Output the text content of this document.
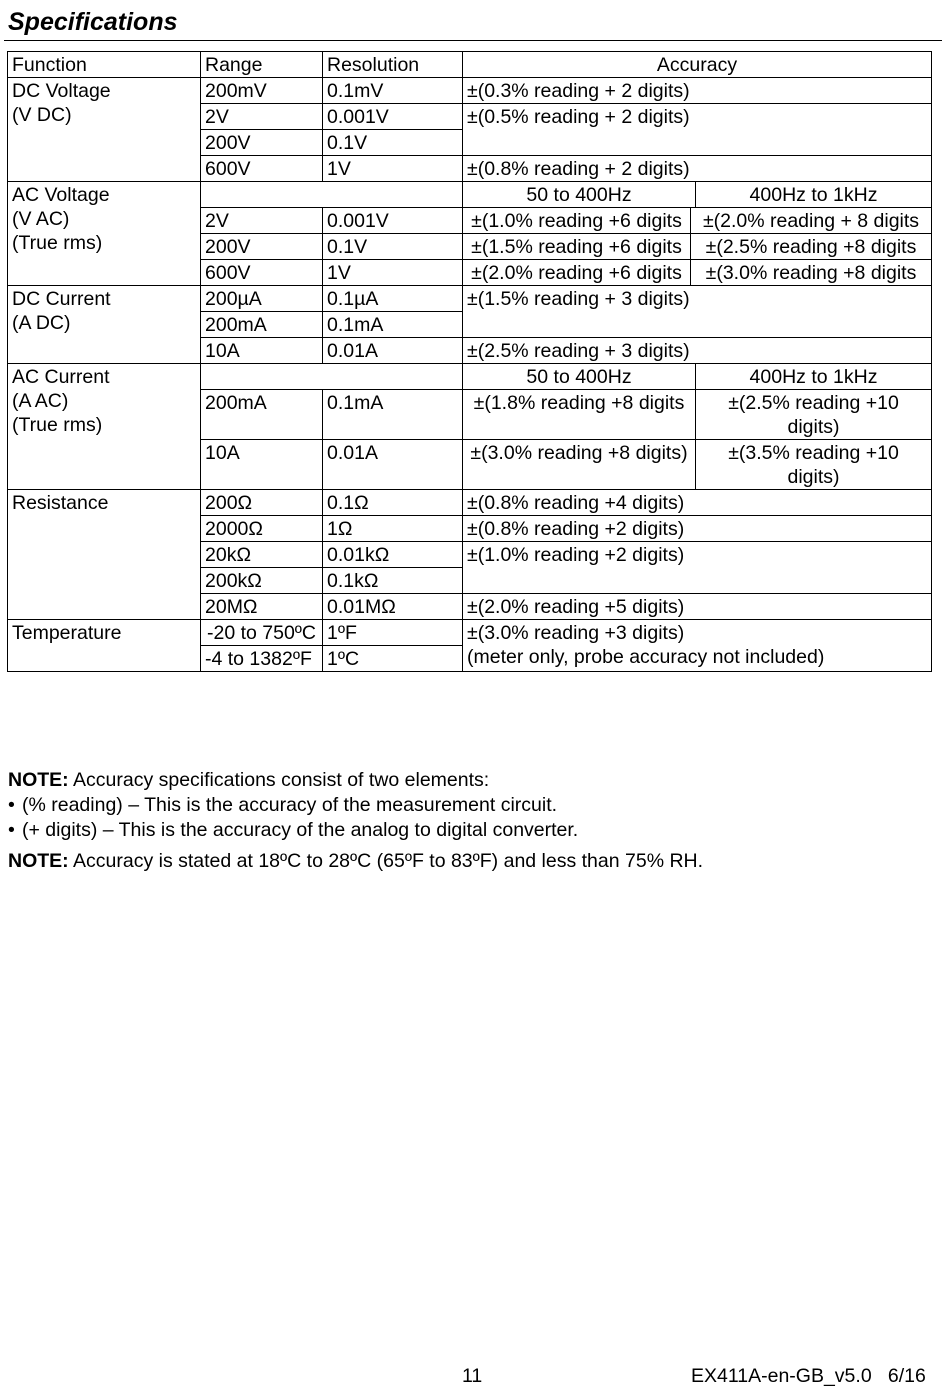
Specifications
Function	Range	Resolution	Accuracy		

DC Voltage
(V DC)	200mV	0.1mV	±(0.3% reading + 2 digits)		
	2V	0.001V	±(0.5% reading + 2 digits)		
	200V	0.1V			
	600V	1V	±(0.8% reading + 2 digits)		

AC Voltage
(V AC)
(True rms)			50 to 400Hz		400Hz to 1kHz
	2V	0.001V	±(1.0% reading +6 digits	±(2.0% reading + 8 digits	
	200V	0.1V	±(1.5% reading +6 digits	±(2.5% reading +8 digits	
	600V	1V	±(2.0% reading +6 digits	±(3.0% reading +8 digits	

DC Current
(A DC)	200µA	0.1µA	±(1.5% reading + 3 digits)		
	200mA	0.1mA			
	10A	0.01A	±(2.5% reading + 3 digits)		

AC Current
(A AC)
(True rms)			50 to 400Hz		400Hz to 1kHz
	200mA	0.1mA	±(1.8% reading +8 digits		±(2.5% reading +10 digits)
	10A	0.01A	±(3.0% reading +8 digits)		±(3.5% reading +10 digits)

Resistance	200Ω	0.1Ω	±(0.8% reading +4 digits)		
	2000Ω	1Ω	±(0.8% reading +2 digits)		
	20kΩ	0.01kΩ	±(1.0% reading +2 digits)		
	200kΩ	0.1kΩ			
	20MΩ	0.01MΩ	±(2.0% reading +5 digits)		

Temperature	-20 to 750ºC	1ºF	±(3.0% reading +3 digits)
(meter only, probe accuracy not included)		

	-4 to 1382ºF	1ºC			

NOTE: Accuracy specifications consist of two elements:

• (% reading) – This is the accuracy of the measurement circuit.

• (+ digits) – This is the accuracy of the analog to digital converter.

NOTE: Accuracy is stated at 18ºC to 28ºC (65ºF to 83ºF) and less than 75% RH.

11	EX411A-en-GB_v5.0   6/16
